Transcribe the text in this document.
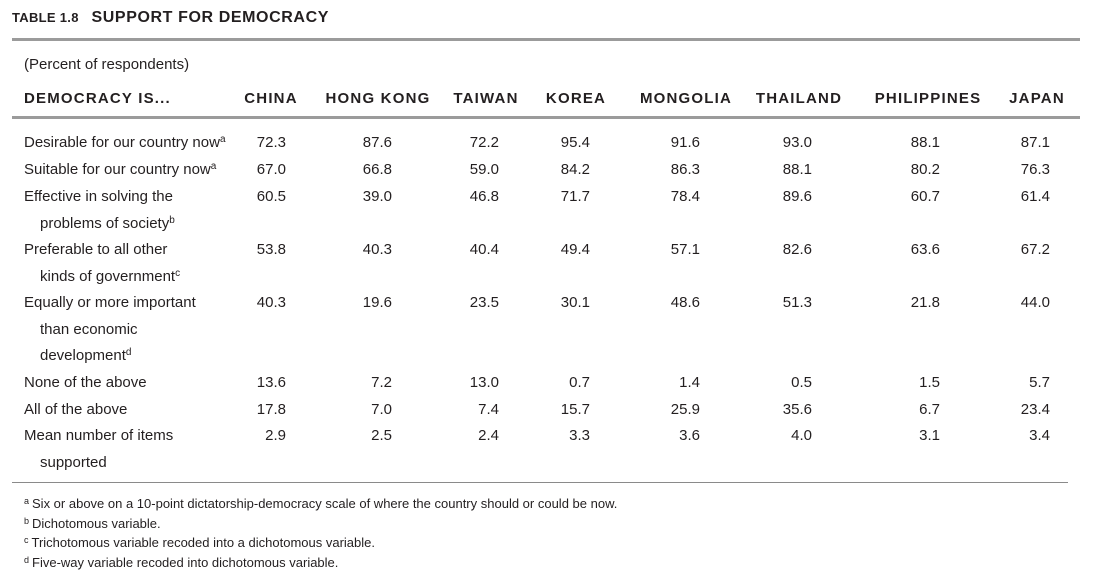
TABLE 1.8 SUPPORT FOR DEMOCRACY
(Percent of respondents)
DEMOCRACY IS...	CHINA HONG KONG TAIWAN KOREA MONGOLIA THAILAND PHILIPPINES JAPAN
Desirable for our country now$^a$ 72.3	87.6	72.2	95.4	91.6	93.0	88.1	87.1
Suitable for our country now$^a$	67.0	66.8	59.0	84.2	86.3	88.1	80.2	76.3
Effective in solving the
problems of society$^b$
60.5	39.0	46.8	71.7	78.4	89.6	60.7	61.4
Preferable to all other
kinds of government$^c$
53.8	40.3	40.4	49.4	57.1	82.6	63.6	67.2
Equally or more important
than economic
development$^d$
40.3	19.6	23.5	30.1	48.6	51.3	21.8	44.0
None of the above	13.6	7.2	13.0	0.7	1.4	0.5	1.5	5.7
All of the above	17.8	7.0	7.4	15.7	25.9	35.6	6.7	23.4
Mean number of items
supported
2.9	2.5	2.4	3.3	3.6	4.0	3.1	3.4
$^a$ Six or above on a 10-point dictatorship-democracy scale of where the country should or could be now.
$^b$ Dichotomous variable.
$^c$ Trichotomous variable recoded into a dichotomous variable.
$^d$ Five-way variable recoded into dichotomous variable.
